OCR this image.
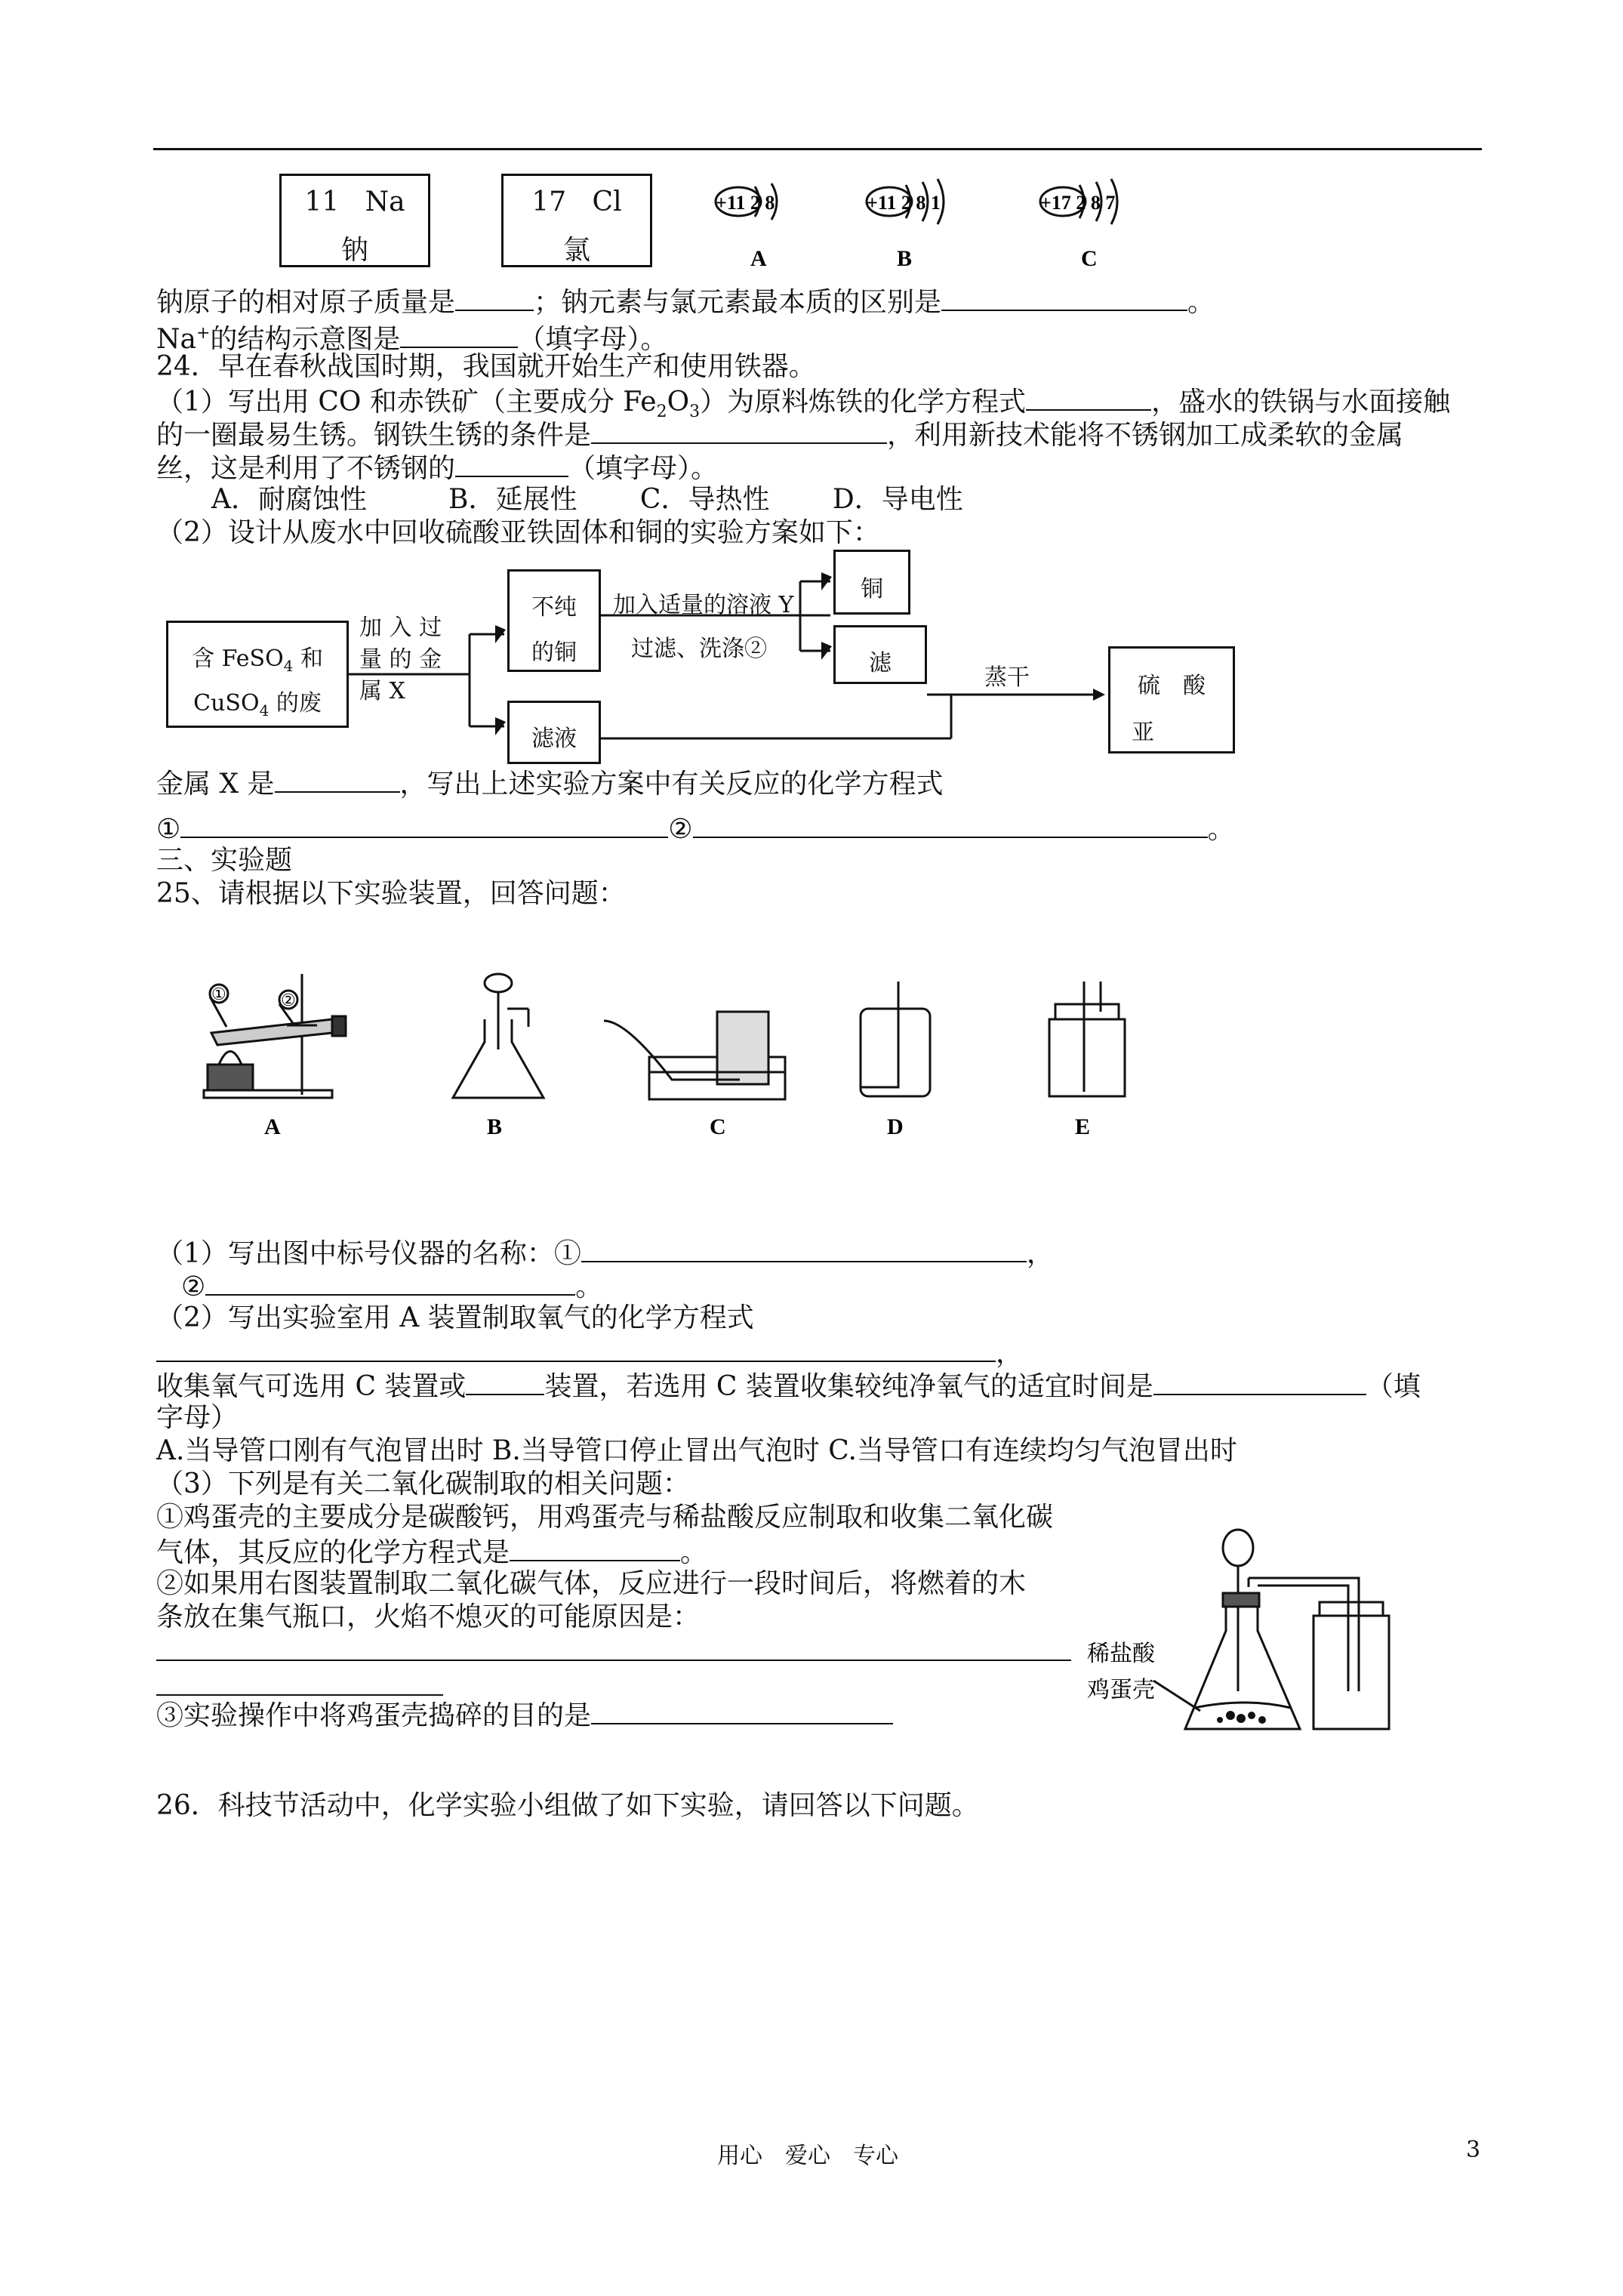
11 Na
钠
17 Cl
氯
+11 2 8
A
+11 2 8 1
B
+17 2 8 7
C
钠原子的相对原子质量是	；钠元素与氯元素最本质的区别是	。
Na+的结构示意图是	（填字母）。
24．早在春秋战国时期，我国就开始生产和使用铁器。
（1）写出用 CO 和赤铁矿（主要成分 $Fe_2O_3$）为原料炼铁的化学方程式	，盛水的铁锅与水面接触
的一圈最易生锈。钢铁生锈的条件是	，利用新技术能将不锈钢加工成柔软的金属
丝，这是利用了不锈钢的	（填字母）。
A．耐腐蚀性　　　B．延展性　　 C．导热性　　 D．导电性
（2）设计从废水中回收硫酸亚铁固体和铜的实验方案如下：
含 FeSO$_4$ 和
CuSO$_4$ 的废
加 入 过
量 的 金
属 X
不纯
的铜
加入适量的溶液 Y
过滤、洗涤②
铜
滤
滤液
蒸干	硫　酸
亚
金属 X 是	，写出上述实验方案中有关反应的化学方程式
①	②	。
三、实验题
25、请根据以下实验装置，回答问题：
A	B	C	D	E
①	②
（1）写出图中标号仪器的名称：①	，
②	。
（2）写出实验室用 A 装置制取氧气的化学方程式
，
收集氧气可选用 C 装置或	装置，若选用 C 装置收集较纯净氧气的适宜时间是	（填
字母）
A.当导管口刚有气泡冒出时 B.当导管口停止冒出气泡时 C.当导管口有连续均匀气泡冒出时
（3）下列是有关二氧化碳制取的相关问题：
①鸡蛋壳的主要成分是碳酸钙，用鸡蛋壳与稀盐酸反应制取和收集二氧化碳
气体，其反应的化学方程式是	。
②如果用右图装置制取二氧化碳气体，反应进行一段时间后，将燃着的木
条放在集气瓶口，火焰不熄灭的可能原因是：
③实验操作中将鸡蛋壳捣碎的目的是
稀盐酸
鸡蛋壳
26．科技节活动中，化学实验小组做了如下实验，请回答以下问题。
用心　爱心　专心	3
